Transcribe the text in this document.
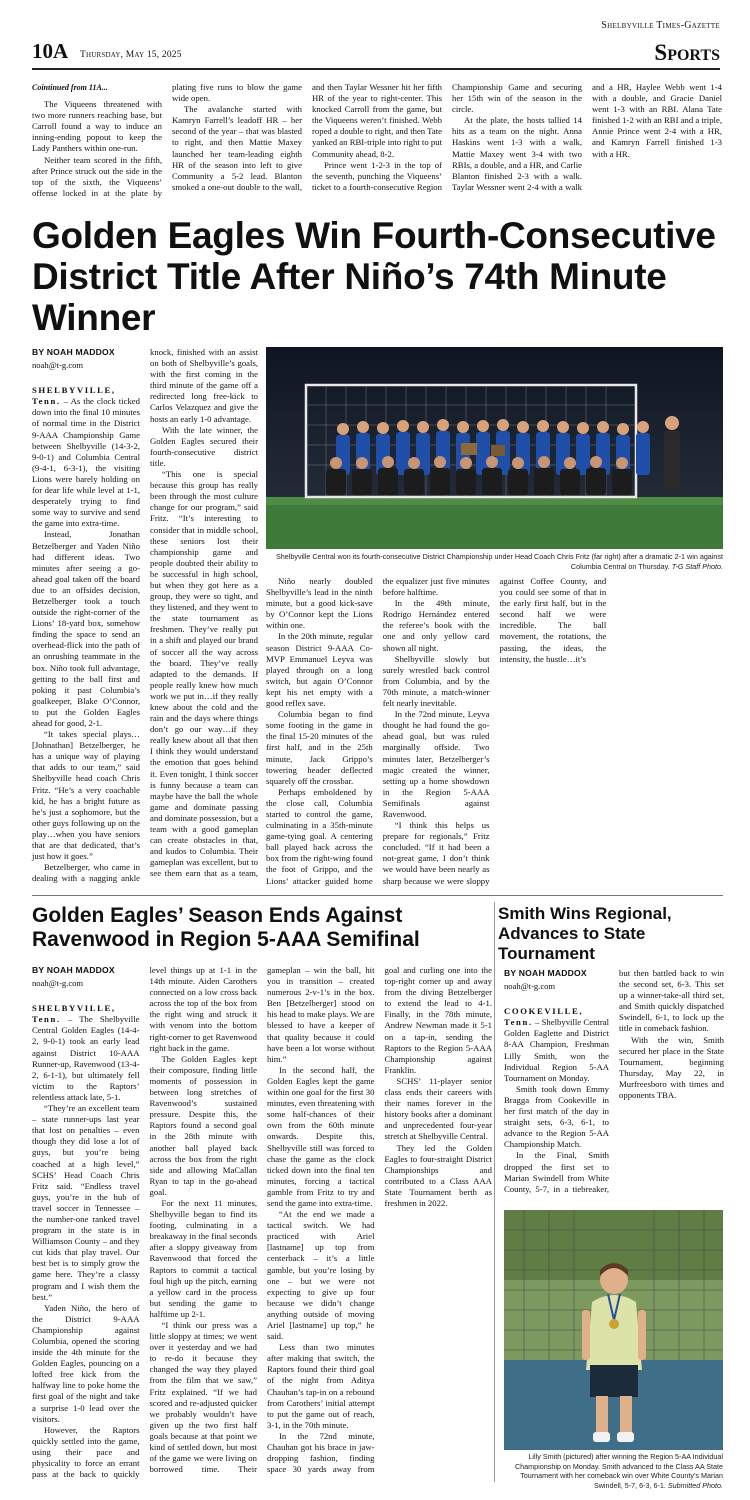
10A Thursday, May 15, 2025
Shelbyville Times-Gazette
Sports

Cointinued from 11A...

The Viqueens threatened with two more runners reaching base, but Carroll found a way to induce an inning-ending popout to keep the Lady Panthers within one-run.

Neither team scored in the fifth, after Prince struck out the side in the top of the sixth, the Viqueens’ offense locked in at the plate by plating five runs to blow the game wide open.

The avalanche started with Kamryn Farrell’s leadoff HR – her second of the year – that was blasted to right, and then Mattie Maxey launched her team-leading eighth HR of the season into left to give Community a 5-2 lead. Blanton smoked a one-out double to the wall, and then Taylar Wessner hit her fifth HR of the year to right-center. This knocked Carroll from the game, but the Viqueens weren’t finished. Webb roped a double to right, and then Tate yanked an RBI-triple into right to put Community ahead, 8-2.

Prince went 1-2-3 in the top of the seventh, punching the Viqueens’ ticket to a fourth-consecutive Region Championship Game and securing her 15th win of the season in the circle.

At the plate, the hosts tallied 14 hits as a team on the night. Anna Haskins went 1-3 with a walk, Mattie Maxey went 3-4 with two RBIs, a double, and a HR, and Carlie Blanton finished 2-3 with a walk. Taylar Wessner went 2-4 with a walk and a HR, Haylee Webb went 1-4 with a double, and Gracie Daniel went 1-3 with an RBI. Alana Tate finished 1-2 with an RBI and a triple, Annie Prince went 2-4 with a HR, and Kamryn Farrell finished 1-3 with a HR.

Golden Eagles Win Fourth-Consecutive District Title After Niño’s 74th Minute Winner
BY NOAH MADDOX
noah@t-g.com

SHELBYVILLE, Tenn. – As the clock ticked down into the final 10 minutes of normal time in the District 9-AAA Championship Game between Shelbyville (14-3-2, 9-0-1) and Columbia Central (9-4-1, 6-3-1), the visiting Lions were barely holding on for dear life while level at 1-1, desperately trying to find some way to survive and send the game into extra-time.

Instead, Jonathan Betzelberger and Yaden Niño had different ideas. Two minutes after seeing a go-ahead goal taken off the board due to an offsides decision, Betzelberger took a touch outside the right-corner of the Lions’ 18-yard box, somehow finding the space to send an overhead-flick into the path of an onrushing teammate in the box. Niño took full advantage, getting to the ball first and poking it past Columbia’s goalkeeper, Blake O’Connor, to put the Golden Eagles ahead for good, 2-1.

“It takes special plays… [Johnathan] Betzelberger, he has a unique way of playing that adds to our team,” said Shelbyville head coach Chris Fritz. “He’s a very coachable kid, he has a bright future as he’s just a sophomore, but the other guys following up on the play…when you have seniors that are that dedicated, that’s just how it goes.”

Betzelberger, who came in dealing with a nagging ankle knock, finished with an assist on both of Shelbyville’s goals, with the first coming in the third minute of the game off a redirected long free-kick to Carlos Velazquez and give the hosts an early 1-0 advantage.

With the late winner, the Golden Eagles secured their fourth-consecutive district title.

“This one is special because this group has really been through the most culture change for our program,” said Fritz. “It’s interesting to consider that in middle school, these seniors lost their championship game and people doubted their ability to be successful in high school, but when they got here as a group, they were so tight, and they listened, and they went to the state tournament as freshmen. They’ve really put in a shift and played our brand of soccer all the way across the board. They’ve really adapted to the demands. If people really knew how much work we put in…if they really knew about the cold and the rain and the days where things don’t go our way…if they really knew about all that then I think they would understand the emotion that goes behind it. Even tonight, I think soccer is funny because a team can maybe have the ball the whole game and dominate passing and dominate possession, but a team with a good gameplan can create obstacles in that, and kudos to Columbia. Their gameplan was excellent, but to see them earn that as a team,

Shelbyville Central won its fourth-consecutive District Championship under Head Coach Chris Fritz (far right) after a dramatic 2-1 win against Columbia Central on Thursday. T-G Staff Photo.

Niño nearly doubled Shelbyville’s lead in the ninth minute, but a good kick-save by O’Connor kept the Lions within one.

In the 20th minute, regular season District 9-AAA Co-MVP Emmanuel Leyva was played through on a long switch, but again O’Connor kept his net empty with a good reflex save.

Columbia began to find some footing in the game in the final 15-20 minutes of the first half, and in the 25th minute, Jack Grippo’s towering header deflected squarely off the crossbar.

Perhaps emboldened by the close call, Columbia started to control the game, culminating in a 35th-minute game-tying goal. A centering ball played back across the box from the right-wing found the foot of Grippo, and the Lions’ attacker guided home the equalizer just five minutes before halftime.

In the 49th minute, Rodrigo Hernández entered the referee’s book with the one and only yellow card shown all night.

Shelbyville slowly but surely wrestled back control from Columbia, and by the 70th minute, a match-winner felt nearly inevitable.

In the 72nd minute, Leyva thought he had found the go-ahead goal, but was ruled marginally offside. Two minutes later, Betzelberger’s magic created the winner, setting up a home showdown in the Region 5-AAA Semifinals against Ravenwood.

“I think this helps us prepare for regionals,” Fritz concluded. “If it had been a not-great game, I don’t think we would have been nearly as sharp because we were sloppy against Coffee County, and you could see some of that in the early first half, but in the second half we were incredible. The ball movement, the rotations, the passing, the ideas, the intensity, the hustle…it’s

Golden Eagles’ Season Ends Against Ravenwood in Region 5-AAA Semifinal
BY NOAH MADDOX
noah@t-g.com

SHELBYVILLE, Tenn. – The Shelbyville Central Golden Eagles (14-4-2, 9-0-1) took an early lead against District 10-AAA Runner-up, Ravenwood (13-4-2, 6-1-1), but ultimately fell victim to the Raptors’ relentless attack late, 5-1.

“They’re an excellent team – state runner-ups last year that lost on penalties – even though they did lose a lot of guys, but you’re being coached at a high level,” SCHS’ Head Coach Chris Fritz said. “Endless travel guys, you’re in the hub of travel soccer in Tennessee – the number-one ranked travel program in the state is in Williamson County – and they cut kids that play travel. Our best bet is to simply grow the game here. They’re a classy program and I wish them the best.”

Yaden Niño, the hero of the District 9-AAA Championship against Columbia, opened the scoring inside the 4th minute for the Golden Eagles, pouncing on a lofted free kick from the halfway line to poke home the first goal of the night and take a surprise 1-0 lead over the visitors.

However, the Raptors quickly settled into the game, using their pace and physicality to force an errant pass at the back to quickly level things up at 1-1 in the 14th minute. Aiden Carothers connected on a low cross back across the top of the box from the right wing and struck it with venom into the bottom right-corner to get Ravenwood right back in the game.

The Golden Eagles kept their composure, finding little moments of possession in between long stretches of Ravenwood’s sustained pressure. Despite this, the Raptors found a second goal in the 28th minute with another ball played back across the box from the right side and allowing MaCallan Ryan to tap in the go-ahead goal.

For the next 11 minutes, Shelbyville began to find its footing, culminating in a breakaway in the final seconds after a sloppy giveaway from Ravenwood that forced the Raptors to commit a tactical foul high up the pitch, earning a yellow card in the process but sending the game to halftime up 2-1.

“I think our press was a little sloppy at times; we went over it yesterday and we had to re-do it because they changed the way they played from the film that we saw,” Fritz explained. “If we had scored and re-adjusted quicker we probably wouldn’t have given up the two first half goals because at that point we kind of settled down, but most of the game we were living on borrowed time. Their gameplan – win the ball, hit you in transition – created numerous 2-v-1’s in the box. Ben [Betzelberger] stood on his head to make plays. We are blessed to have a keeper of that quality because it could have been a lot worse without him.”

In the second half, the Golden Eagles kept the game within one goal for the first 30 minutes, even threatening with some half-chances of their own from the 60th minute onwards. Despite this, Shelbyville still was forced to chase the game as the clock ticked down into the final ten minutes, forcing a tactical gamble from Fritz to try and send the game into extra-time.

“At the end we made a tactical switch. We had practiced with Ariel [lastname] up top from centerback – it’s a little gamble, but you’re losing by one – but we were not expecting to give up four because we didn’t change anything outside of moving Ariel [lastname] up top,” he said.

Less than two minutes after making that switch, the Raptors found their third goal of the night from Aditya Chauhan’s tap-in on a rebound from Carothers’ initial attempt to put the game out of reach, 3-1, in the 70th minute.

In the 72nd minute, Chauhan got his brace in jaw-dropping fashion, finding space 30 yards away from goal and curling one into the top-right corner up and away from the diving Betzelberger to extend the lead to 4-1. Finally, in the 78th minute, Andrew Newman made it 5-1 on a tap-in, sending the Raptors to the Region 5-AAA Championship against Franklin.

SCHS’ 11-player senior class ends their careers with their names forever in the history books after a dominant and unprecedented four-year stretch at Shelbyville Central.

They led the Golden Eagles to four-straight District Championships and contributed to a Class AAA State Tournament berth as freshmen in 2022.

Smith Wins Regional, Advances to State Tournament
BY NOAH MADDOX
noah@t-g.com

COOKEVILLE, Tenn. – Shelbyville Central Golden Eaglette and District 8-AA Champion, Freshman Lilly Smith, won the Individual Region 5-AA Tournament on Monday.

Smith took down Emmy Bragga from Cookeville in her first match of the day in straight sets, 6-3, 6-1, to advance to the Region 5-AA Championship Match.

In the Final, Smith dropped the first set to Marian Swindell from White County, 5-7, in a tiebreaker, but then battled back to win the second set, 6-3. This set up a winner-take-all third set, and Smith quickly dispatched Swindell, 6-1, to lock up the title in comeback fashion.

With the win, Smith secured her place in the State Tournament, beginning Thursday, May 22, in Murfreesboro with times and opponents TBA.

Lilly Smith (pictured) after winning the Region 5-AA Individual Championship on Monday. Smith advanced to the Class AA State Tournament with her comeback win over White County’s Marian Swindell, 5-7, 6-3, 6-1. Submitted Photo.
